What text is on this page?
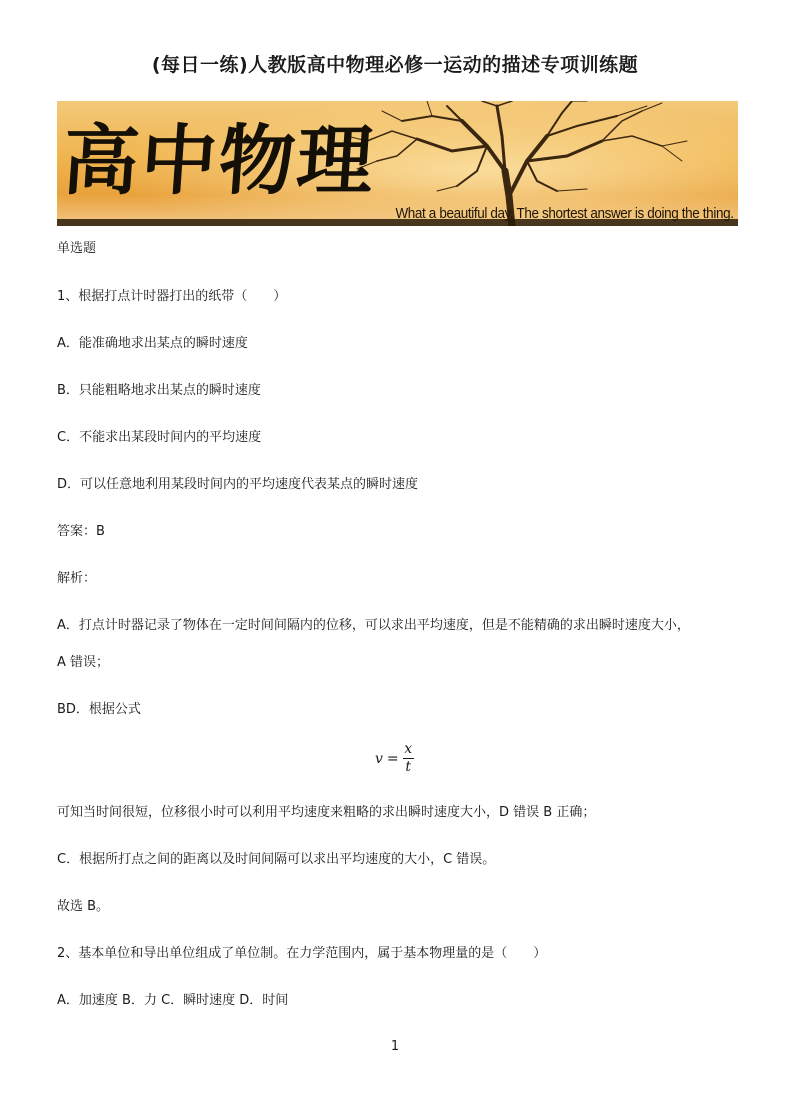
(每日一练)人教版高中物理必修一运动的描述专项训练题
高中物理
What a beautiful day. The shortest answer is doing the thing.
单选题
1、根据打点计时器打出的纸带（　　）
A．能准确地求出某点的瞬时速度
B．只能粗略地求出某点的瞬时速度
C．不能求出某段时间内的平均速度
D．可以任意地利用某段时间内的平均速度代表某点的瞬时速度
答案：B
解析：
A．打点计时器记录了物体在一定时间间隔内的位移，可以求出平均速度，但是不能精确的求出瞬时速度大小，
A 错误；
BD．根据公式
$v = \frac{x}{t}$
可知当时间很短，位移很小时可以利用平均速度来粗略的求出瞬时速度大小，D 错误 B 正确；
C．根据所打点之间的距离以及时间间隔可以求出平均速度的大小，C 错误。
故选 B。
2、基本单位和导出单位组成了单位制。在力学范围内，属于基本物理量的是（　　）
A．加速度 B．力 C．瞬时速度 D．时间
1
